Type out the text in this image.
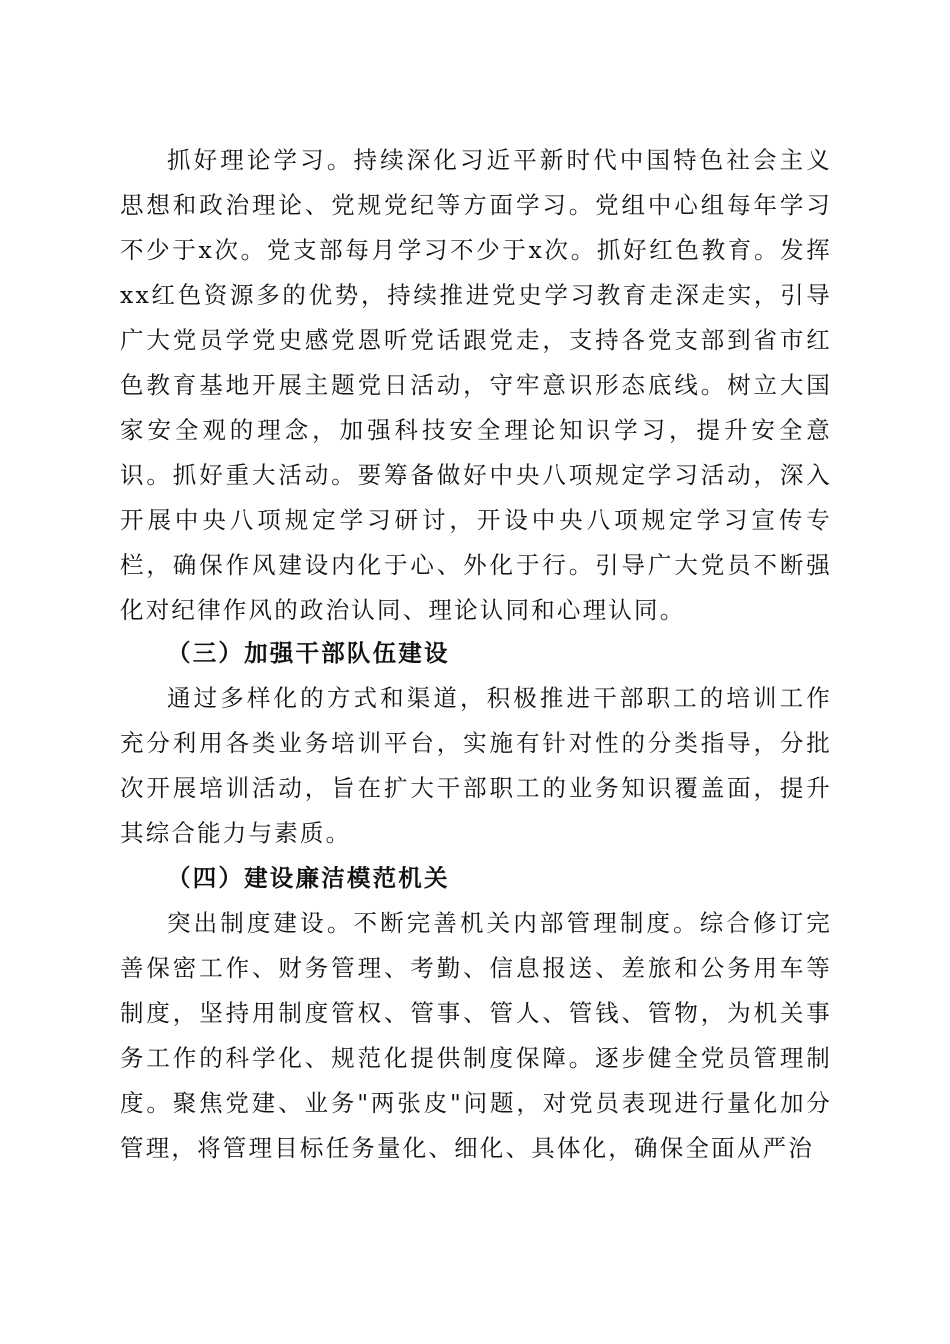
抓好理论学习。持续深化习近平新时代中国特色社会主义思想和政治理论、党规党纪等方面学习。党组中心组每年学习不少于x次。党支部每月学习不少于x次。抓好红色教育。发挥xx红色资源多的优势，持续推进党史学习教育走深走实，引导广大党员学党史感党恩听党话跟党走，支持各党支部到省市红色教育基地开展主题党日活动，守牢意识形态底线。树立大国家安全观的理念，加强科技安全理论知识学习，提升安全意识。抓好重大活动。要筹备做好中央八项规定学习活动，深入开展中央八项规定学习研讨，开设中央八项规定学习宣传专栏，确保作风建设内化于心、外化于行。引导广大党员不断强化对纪律作风的政治认同、理论认同和心理认同。

（三）加强干部队伍建设

通过多样化的方式和渠道，积极推进干部职工的培训工作充分利用各类业务培训平台，实施有针对性的分类指导，分批次开展培训活动，旨在扩大干部职工的业务知识覆盖面，提升其综合能力与素质。

（四）建设廉洁模范机关

突出制度建设。不断完善机关内部管理制度。综合修订完善保密工作、财务管理、考勤、信息报送、差旅和公务用车等制度，坚持用制度管权、管事、管人、管钱、管物，为机关事务工作的科学化、规范化提供制度保障。逐步健全党员管理制度。聚焦党建、业务"两张皮"问题，对党员表现进行量化加分管理，将管理目标任务量化、细化、具体化，确保全面从严治
